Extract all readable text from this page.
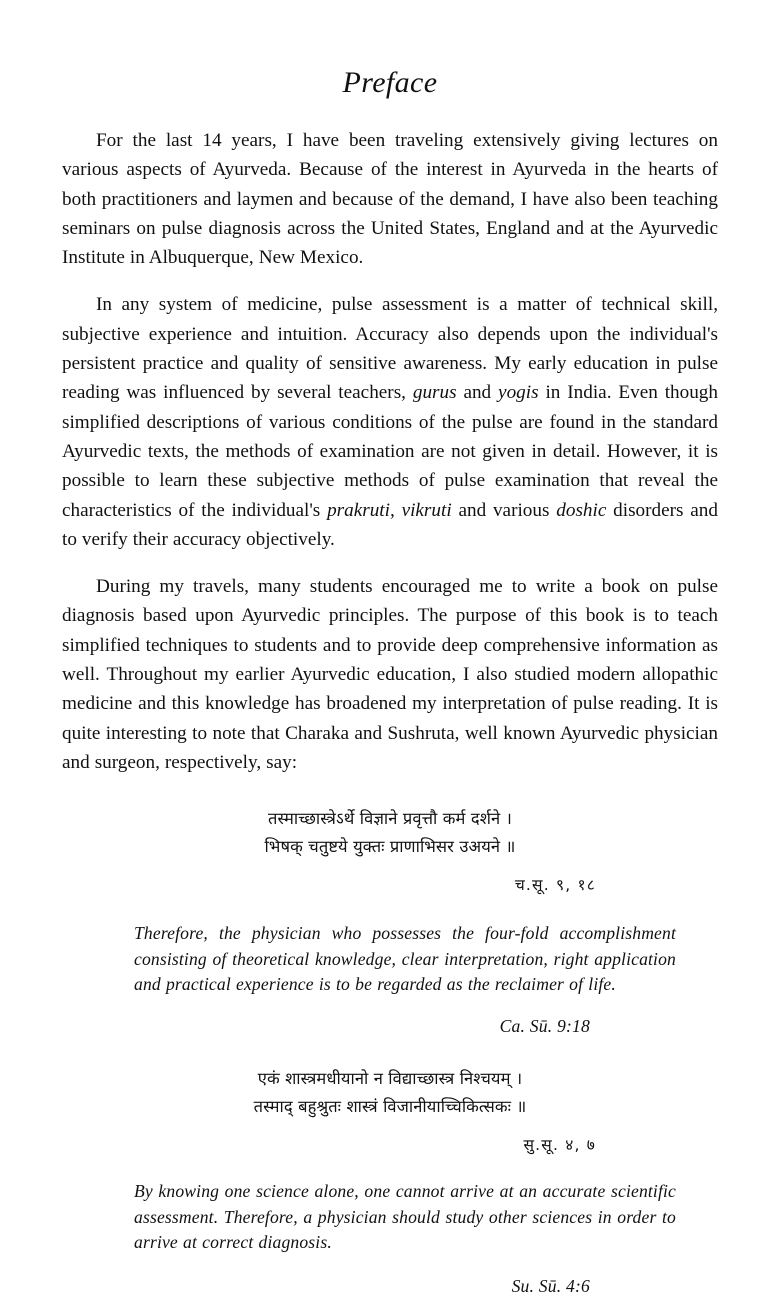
Preface

For the last 14 years, I have been traveling extensively giving lectures on various aspects of Ayurveda. Because of the interest in Ayurveda in the hearts of both practitioners and laymen and because of the demand, I have also been teaching seminars on pulse diagnosis across the United States, England and at the Ayurvedic Institute in Albuquerque, New Mexico.

In any system of medicine, pulse assessment is a matter of technical skill, subjective experience and intuition. Accuracy also depends upon the individual's persistent practice and quality of sensitive awareness. My early education in pulse reading was influenced by several teachers, gurus and yogis in India. Even though simplified descriptions of various conditions of the pulse are found in the standard Ayurvedic texts, the methods of examination are not given in detail. However, it is possible to learn these subjective methods of pulse examination that reveal the characteristics of the individual's prakruti, vikruti and various doshic disorders and to verify their accuracy objectively.

During my travels, many students encouraged me to write a book on pulse diagnosis based upon Ayurvedic principles. The purpose of this book is to teach simplified techniques to students and to provide deep comprehensive information as well. Throughout my earlier Ayurvedic education, I also studied modern allopathic medicine and this knowledge has broadened my interpretation of pulse reading. It is quite interesting to note that Charaka and Sushruta, well known Ayurvedic physician and surgeon, respectively, say:

तस्माच्छास्त्रेऽर्थे विज्ञाने प्रवृत्तौ कर्म दर्शने ।
भिषक् चतुष्टये युक्तः प्राणाभिसर उअयने ॥
च.सू. ९, १८

Therefore, the physician who possesses the four-fold accomplishment consisting of theoretical knowledge, clear interpretation, right application and practical experience is to be regarded as the reclaimer of life.

Ca. Sū. 9:18
एकं शास्त्रमधीयानो न विद्याच्छास्त्र निश्चयम् ।
तस्माद् बहुश्रुतः शास्त्रं विजानीयाच्चिकित्सकः ॥
सु.सू. ४, ७

By knowing one science alone, one cannot arrive at an accurate scientific assessment. Therefore, a physician should study other sciences in order to arrive at correct diagnosis.

Su. Sū. 4:6
